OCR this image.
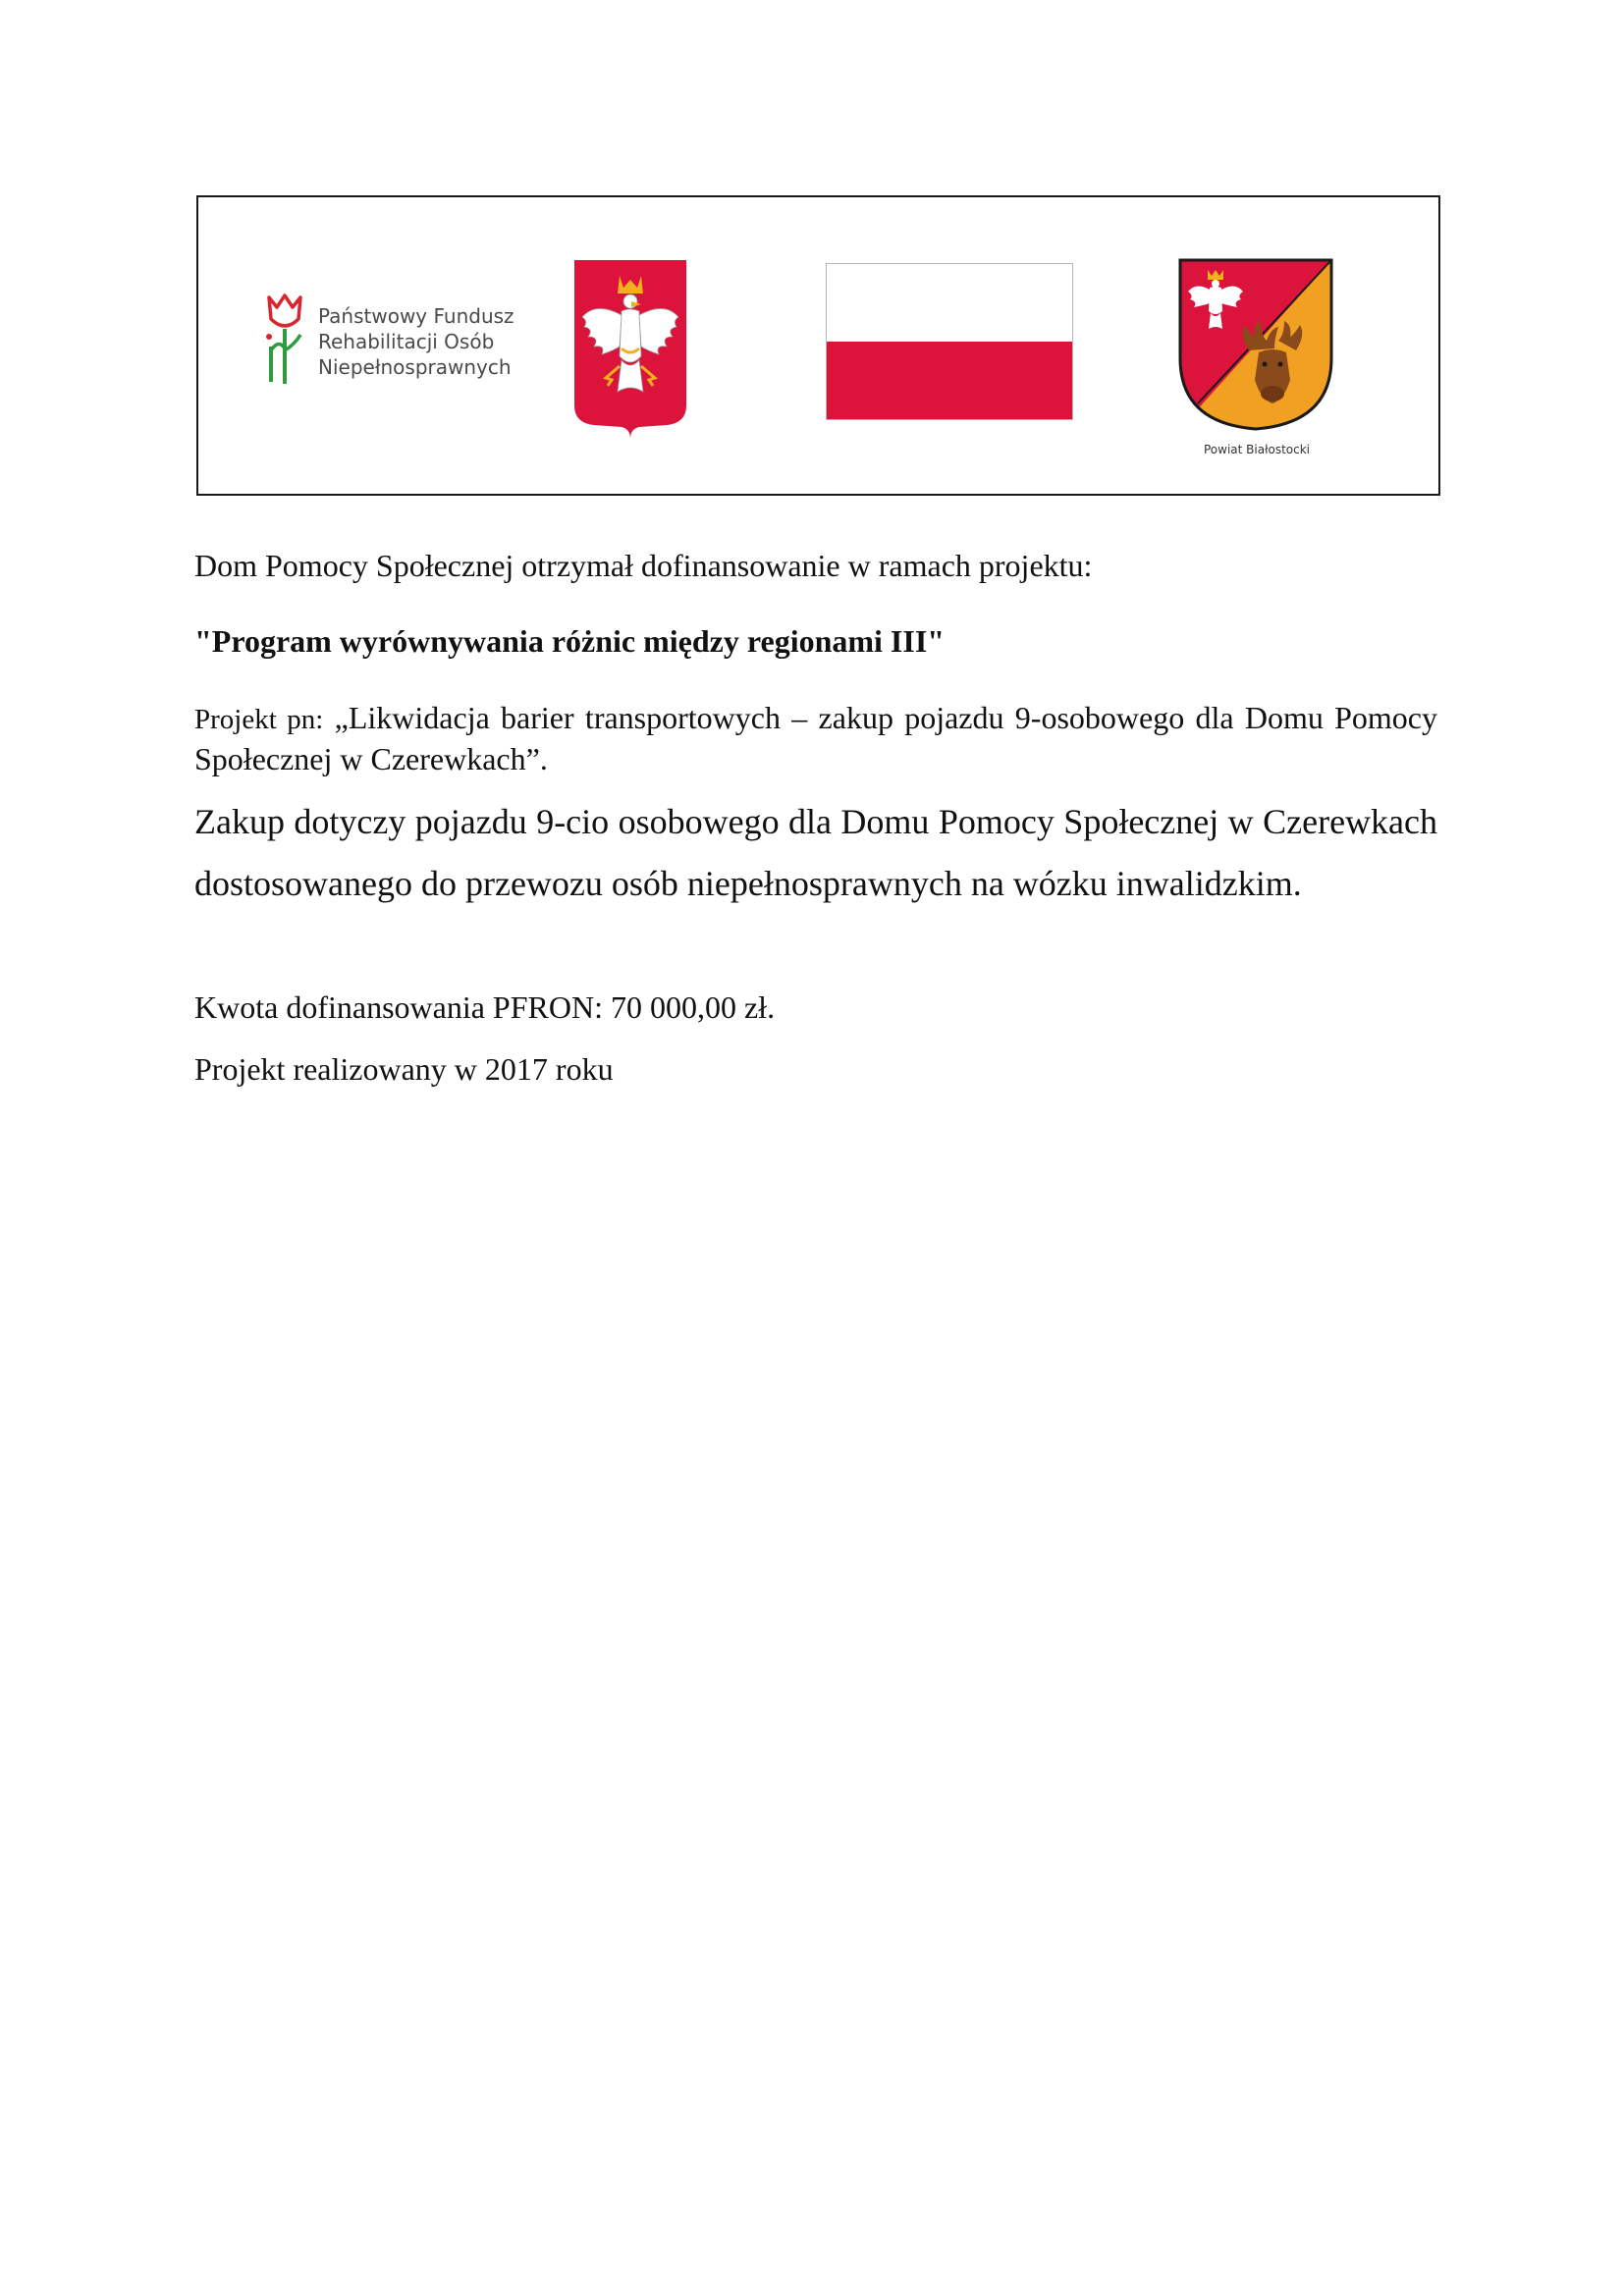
Państwowy Fundusz
Rehabilitacji Osób
Niepełnosprawnych
Powiat Białostocki

Dom Pomocy Społecznej otrzymał dofinansowanie w ramach projektu:

"Program wyrównywania różnic między regionami III"

Projekt pn: „Likwidacja barier transportowych – zakup pojazdu 9-osobowego dla Domu Pomocy Społecznej w Czerewkach”.

Zakup dotyczy pojazdu 9-cio osobowego dla Domu Pomocy Społecznej w Czerewkach dostosowanego do przewozu osób niepełnosprawnych na wózku inwalidzkim.

Kwota dofinansowania PFRON: 70 000,00 zł.

Projekt realizowany w 2017 roku
